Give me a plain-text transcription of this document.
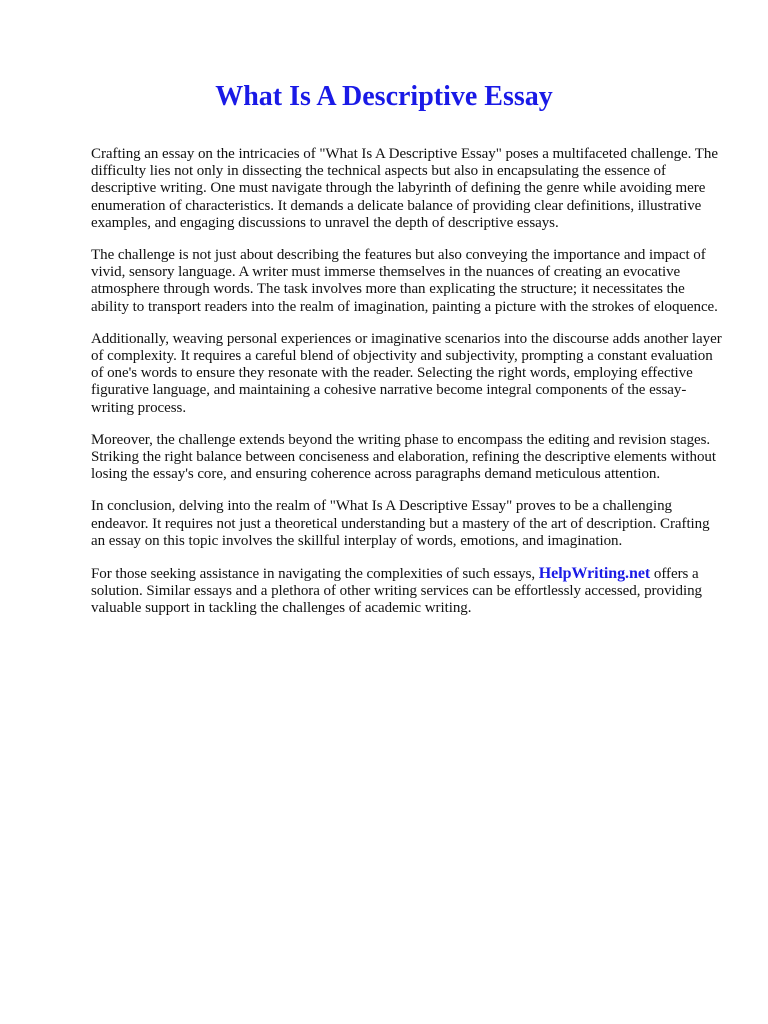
What Is A Descriptive Essay

Crafting an essay on the intricacies of "What Is A Descriptive Essay" poses a multifaceted challenge. The difficulty lies not only in dissecting the technical aspects but also in encapsulating the essence of descriptive writing. One must navigate through the labyrinth of defining the genre while avoiding mere enumeration of characteristics. It demands a delicate balance of providing clear definitions, illustrative examples, and engaging discussions to unravel the depth of descriptive essays.

The challenge is not just about describing the features but also conveying the importance and impact of vivid, sensory language. A writer must immerse themselves in the nuances of creating an evocative atmosphere through words. The task involves more than explicating the structure; it necessitates the ability to transport readers into the realm of imagination, painting a picture with the strokes of eloquence.

Additionally, weaving personal experiences or imaginative scenarios into the discourse adds another layer of complexity. It requires a careful blend of objectivity and subjectivity, prompting a constant evaluation of one's words to ensure they resonate with the reader. Selecting the right words, employing effective figurative language, and maintaining a cohesive narrative become integral components of the essay-writing process.

Moreover, the challenge extends beyond the writing phase to encompass the editing and revision stages. Striking the right balance between conciseness and elaboration, refining the descriptive elements without losing the essay's core, and ensuring coherence across paragraphs demand meticulous attention.

In conclusion, delving into the realm of "What Is A Descriptive Essay" proves to be a challenging endeavor. It requires not just a theoretical understanding but a mastery of the art of description. Crafting an essay on this topic involves the skillful interplay of words, emotions, and imagination.

For those seeking assistance in navigating the complexities of such essays, HelpWriting.net offers a solution. Similar essays and a plethora of other writing services can be effortlessly accessed, providing valuable support in tackling the challenges of academic writing.
